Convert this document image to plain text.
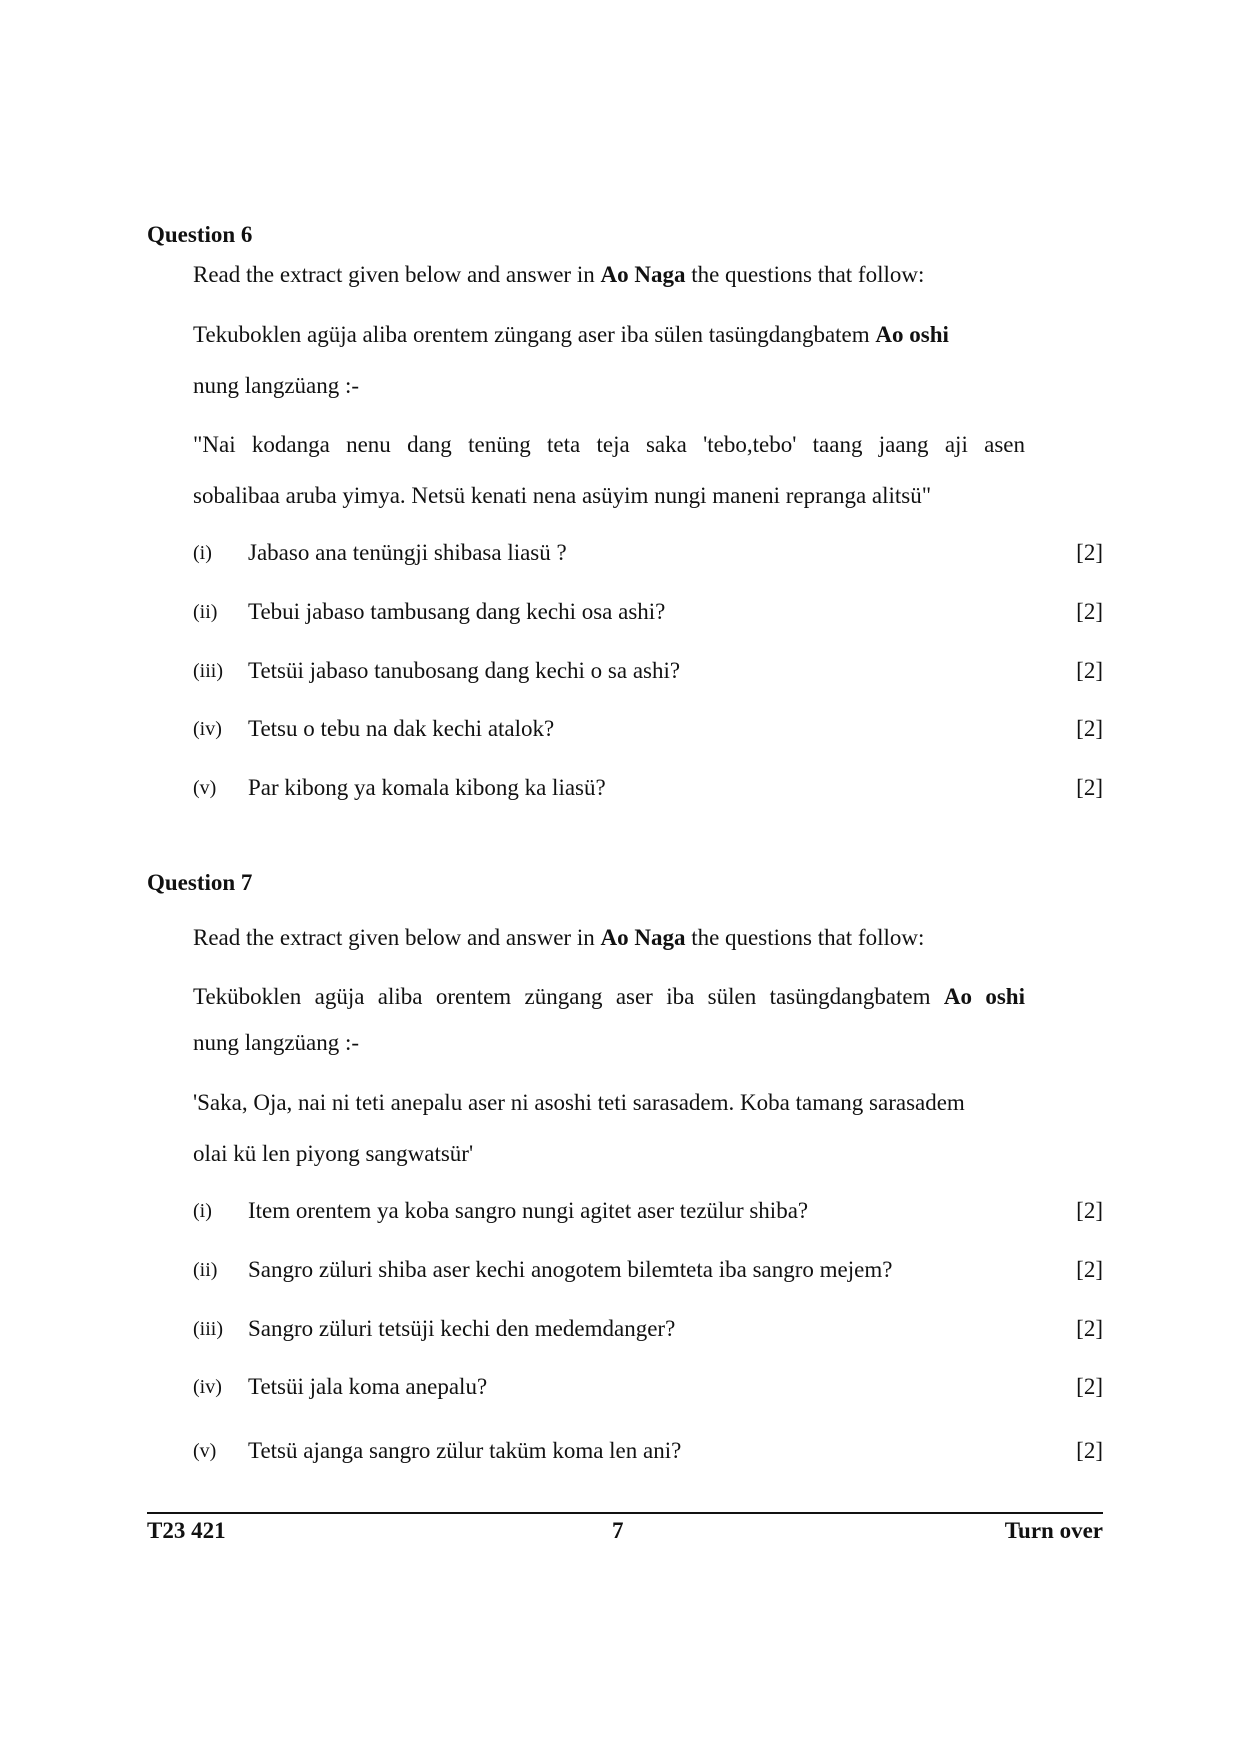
Question 6
Read the extract given below and answer in Ao Naga the questions that follow:
Tekuboklen agüja aliba orentem züngang aser iba sülen tasüngdangbatem Ao oshi
nung langzüang :-
"Nai kodanga nenu dang tenüng teta teja saka 'tebo,tebo' taang jaang aji asen
sobalibaa aruba yimya. Netsü kenati nena asüyim nungi maneni repranga alitsü"
(i) Jabaso ana tenüngji shibasa liasü ?	[2]
(ii) Tebui jabaso tambusang dang kechi osa ashi?	[2]
(iii) Tetsüi jabaso tanubosang dang kechi o sa ashi?	[2]
(iv) Tetsu o tebu na dak kechi atalok?	[2]
(v) Par kibong ya komala kibong ka liasü?	[2]
Question 7
Read the extract given below and answer in Ao Naga the questions that follow:
Teküboklen agüja aliba orentem züngang aser iba sülen tasüngdangbatem Ao oshi
nung langzüang :-
'Saka, Oja, nai ni teti anepalu aser ni asoshi teti sarasadem. Koba tamang sarasadem
olai kü len piyong sangwatsür'
(i) Item orentem ya koba sangro nungi agitet aser tezülur shiba?	[2]
(ii) Sangro züluri shiba aser kechi anogotem bilemteta iba sangro mejem?	[2]
(iii) Sangro züluri tetsüji kechi den medemdanger?	[2]
(iv) Tetsüi jala koma anepalu?	[2]
(v) Tetsü ajanga sangro zülur taküm koma len ani?	[2]
T23 421	7	Turn over
